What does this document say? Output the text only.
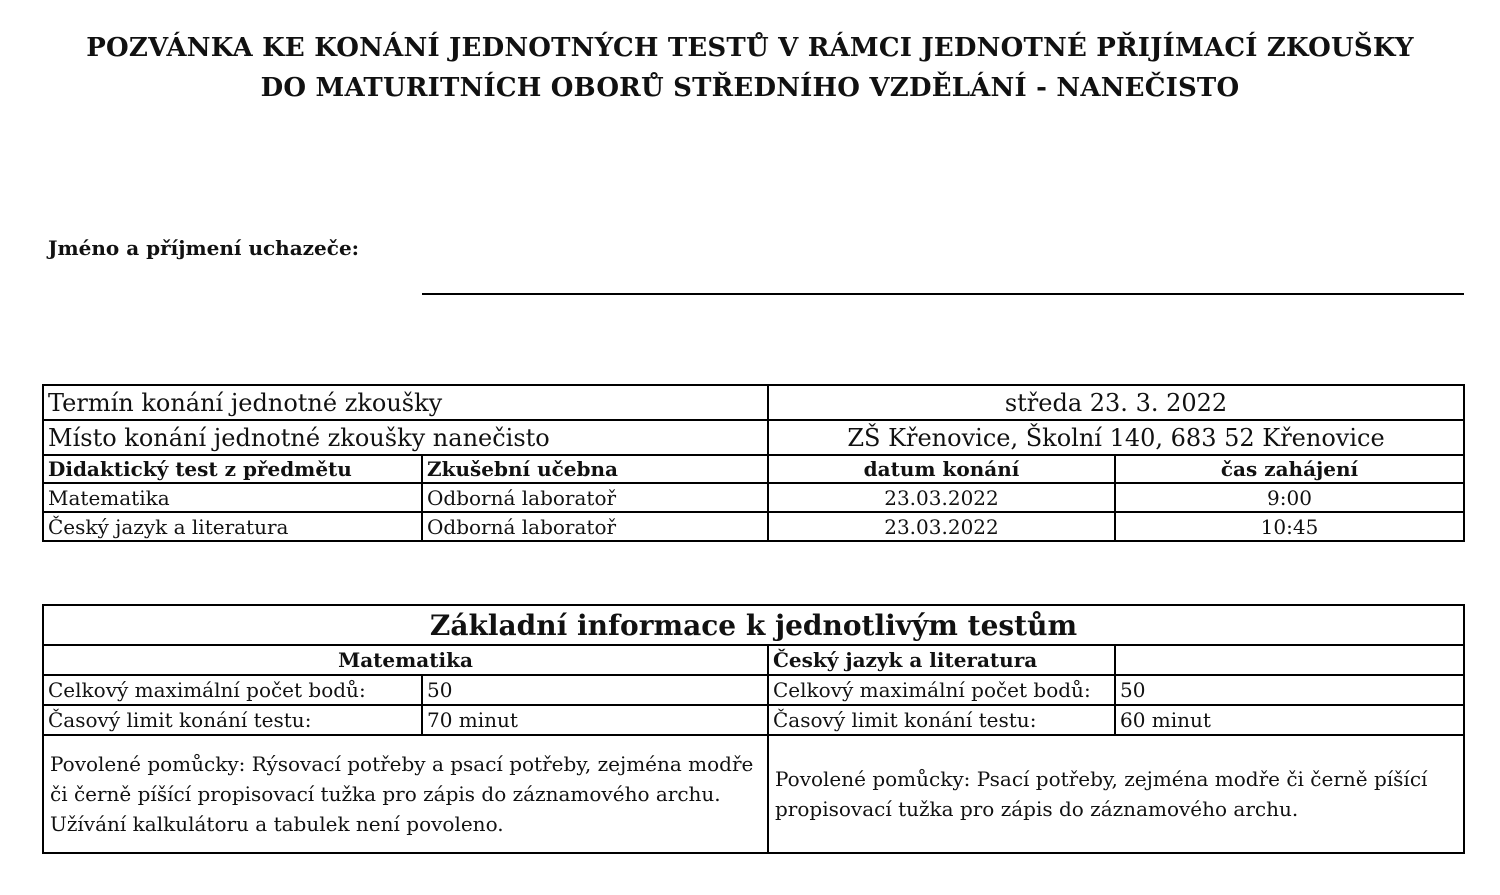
POZVÁNKA KE KONÁNÍ JEDNOTNÝCH TESTŮ V RÁMCI JEDNOTNÉ PŘIJÍMACÍ ZKOUŠKY
DO MATURITNÍCH OBORŮ STŘEDNÍHO VZDĚLÁNÍ - NANEČISTO
Jméno a příjmení uchazeče:
Termín konání jednotné zkoušky		středa 23. 3. 2022	
Místo konání jednotné zkoušky nanečisto		ZŠ Křenovice, Školní 140, 683 52 Křenovice	
Didaktický test z předmětu	Zkušební učebna	datum konání	čas zahájení
Matematika	Odborná laboratoř	23.03.2022	9:00
Český jazyk a literatura	Odborná laboratoř	23.03.2022	10:45
Základní informace k jednotlivým testům			
Matematika		Český jazyk a literatura	
Celkový maximální počet bodů:	50	Celkový maximální počet bodů:	50
Časový limit konání testu:	70 minut	Časový limit konání testu:	60 minut
Povolené pomůcky: Rýsovací potřeby a psací potřeby, zejména modře či černě píšící propisovací tužka pro zápis do záznamového archu. Užívání kalkulátoru a tabulek není povoleno.		Povolené pomůcky: Psací potřeby, zejména modře či černě píšící propisovací tužka pro zápis do záznamového archu.	
